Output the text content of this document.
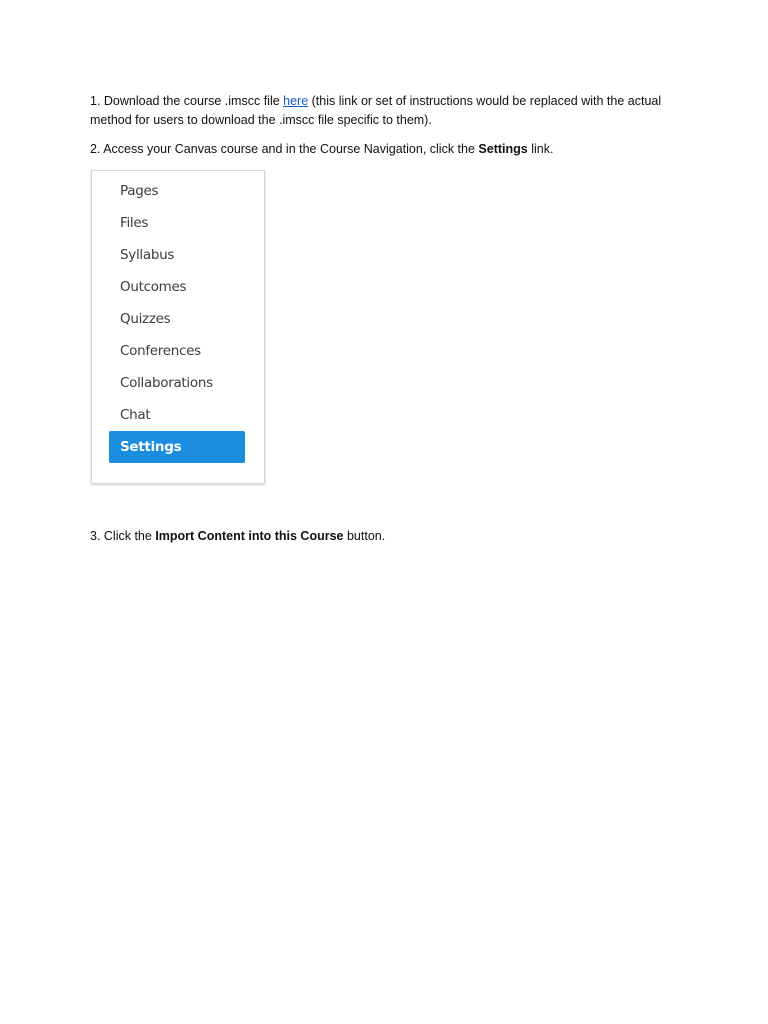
1. Download the course .imscc file here (this link or set of instructions would be replaced with the actual method for users to download the .imscc file specific to them).

2. Access your Canvas course and in the Course Navigation, click the Settings link.

Pages
Files
Syllabus
Outcomes
Quizzes
Conferences
Collaborations
Chat
Settings

3. Click the Import Content into this Course button.
